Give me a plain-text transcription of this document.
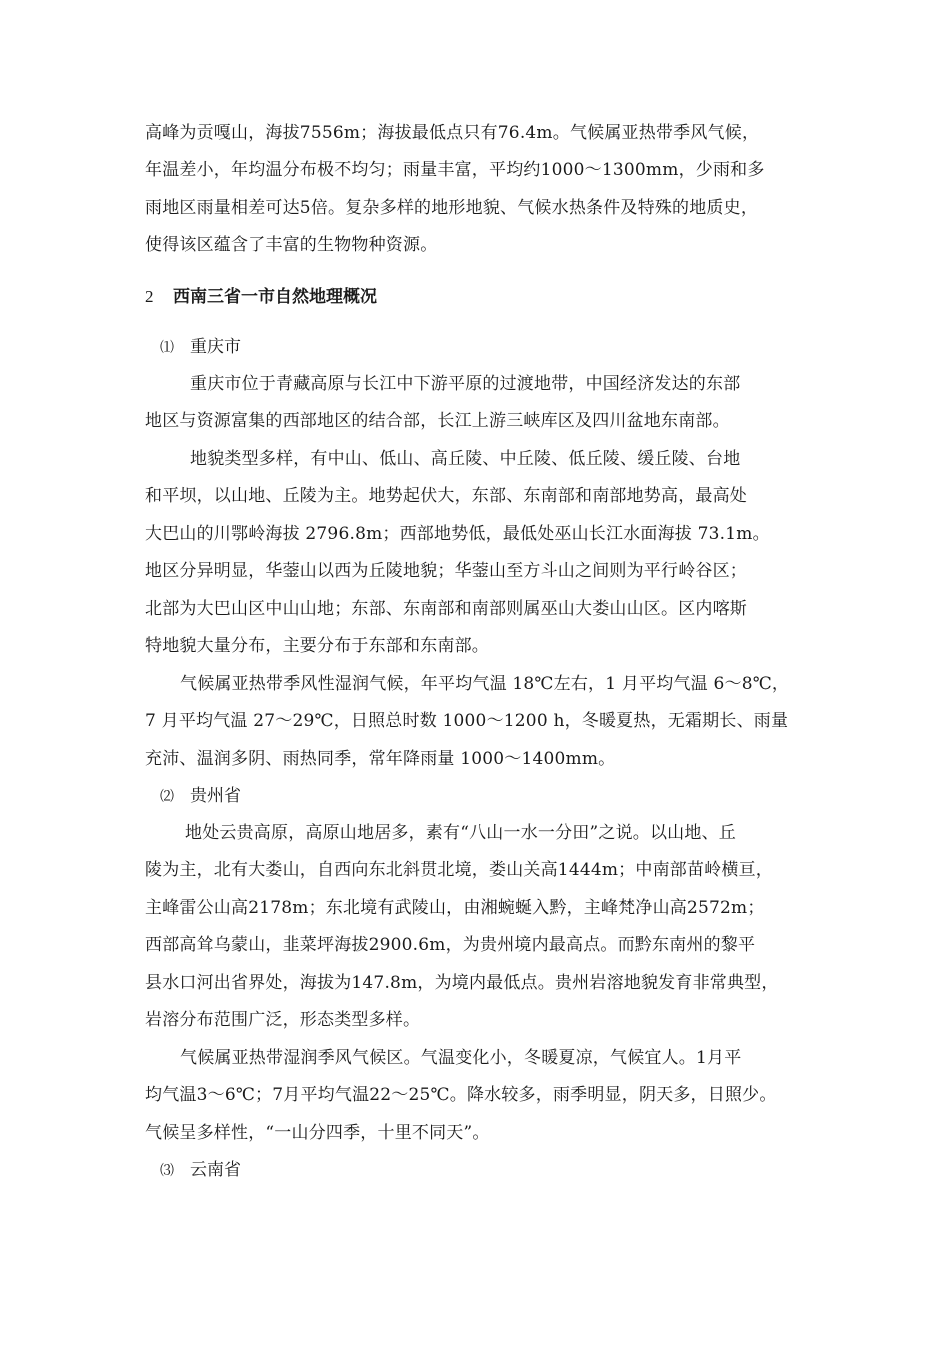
高峰为贡嘎山，海拔7556m；海拔最低点只有76.4m。气候属亚热带季风气候，
年温差小，年均温分布极不均匀；雨量丰富，平均约1000～1300mm，少雨和多
雨地区雨量相差可达5倍。复杂多样的地形地貌、气候水热条件及特殊的地质史，
使得该区蕴含了丰富的生物物种资源。
2 西南三省一市自然地理概况
⑴ 重庆市
重庆市位于青藏高原与长江中下游平原的过渡地带，中国经济发达的东部
地区与资源富集的西部地区的结合部，长江上游三峡库区及四川盆地东南部。
地貌类型多样，有中山、低山、高丘陵、中丘陵、低丘陵、缓丘陵、台地
和平坝，以山地、丘陵为主。地势起伏大，东部、东南部和南部地势高，最高处
大巴山的川鄂岭海拔 2796.8m；西部地势低，最低处巫山长江水面海拔 73.1m。
地区分异明显，华蓥山以西为丘陵地貌；华蓥山至方斗山之间则为平行岭谷区；
北部为大巴山区中山山地；东部、东南部和南部则属巫山大娄山山区。区内喀斯
特地貌大量分布，主要分布于东部和东南部。
气候属亚热带季风性湿润气候，年平均气温 18℃左右，1 月平均气温 6～8℃，
7 月平均气温 27～29℃，日照总时数 1000～1200 h，冬暖夏热，无霜期长、雨量
充沛、温润多阴、雨热同季，常年降雨量 1000～1400mm。
⑵ 贵州省
地处云贵高原，高原山地居多，素有“八山一水一分田”之说。以山地、丘
陵为主，北有大娄山，自西向东北斜贯北境，娄山关高1444m；中南部苗岭横亘，
主峰雷公山高2178m；东北境有武陵山，由湘蜿蜒入黔，主峰梵净山高2572m；
西部高耸乌蒙山，韭菜坪海拔2900.6m，为贵州境内最高点。而黔东南州的黎平
县水口河出省界处，海拔为147.8m，为境内最低点。贵州岩溶地貌发育非常典型，
岩溶分布范围广泛，形态类型多样。
气候属亚热带湿润季风气候区。气温变化小，冬暖夏凉，气候宜人。1月平
均气温3～6℃；7月平均气温22～25℃。降水较多，雨季明显，阴天多，日照少。
气候呈多样性，“一山分四季，十里不同天”。
⑶ 云南省
